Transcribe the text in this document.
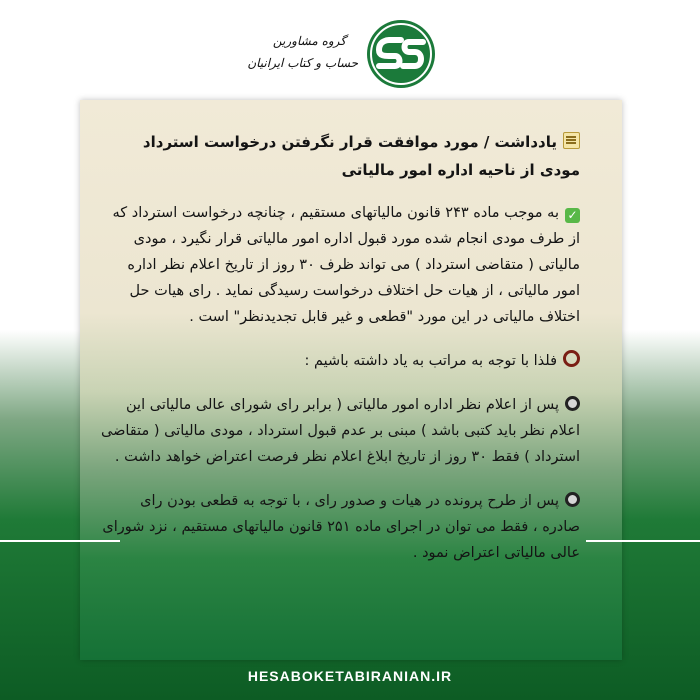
گروه مشاورین
حساب و کتاب ایرانیان

یادداشت / مورد موافقت قرار نگرفتن درخواست استرداد مودی از ناحیه اداره امور مالیاتی

✓به موجب ماده ۲۴۳ قانون مالیاتهای مستقیم ، چنانچه درخواست استرداد که از طرف مودی انجام شده مورد قبول اداره امور مالیاتی قرار نگیرد ، مودی مالیاتی ( متقاضی استرداد ) می تواند ظرف ۳۰ روز از تاریخ اعلام نظر اداره امور مالیاتی ، از هیات حل اختلاف درخواست رسیدگی نماید . رای هیات حل اختلاف مالیاتی در این مورد "قطعی و غیر قابل تجدیدنظر" است .

فلذا با توجه به مراتب به یاد داشته باشیم :

پس از اعلام نظر اداره امور مالیاتی ( برابر رای شورای عالی مالیاتی این اعلام نظر باید کتبی باشد ) مبنی بر عدم قبول استرداد ، مودی مالیاتی ( متقاضی استرداد ) فقط ۳۰ روز از تاریخ ابلاغ اعلام نظر فرصت اعتراض خواهد داشت .

پس از طرح پرونده در هیات و صدور رای ، با توجه به قطعی بودن رای صادره ، فقط می توان در اجرای ماده ۲۵۱ قانون مالیاتهای مستقیم ، نزد شورای عالی مالیاتی اعتراض نمود .

HESABOKETABIRANIAN.IR
